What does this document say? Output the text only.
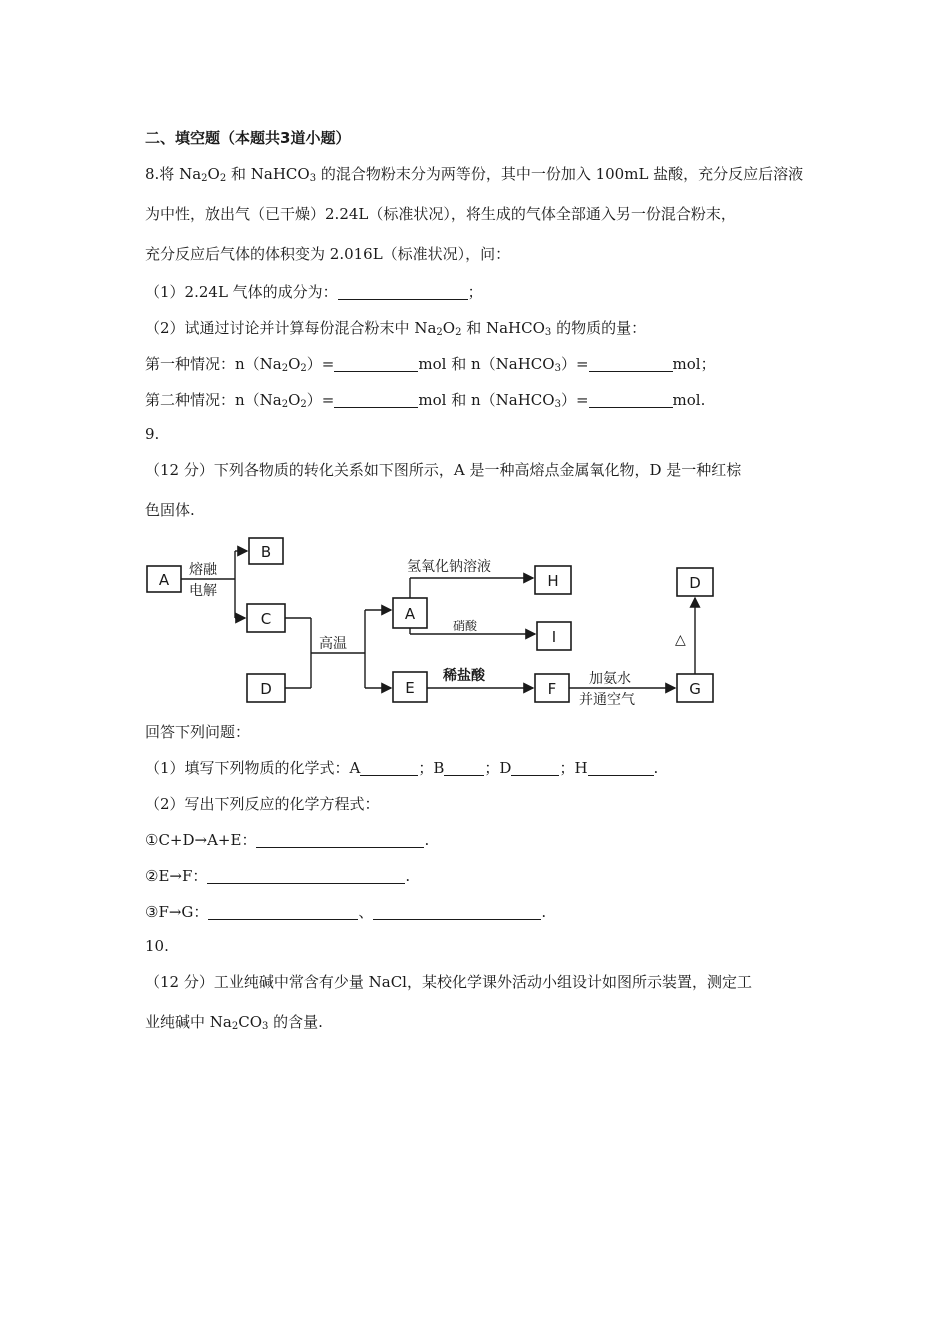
二、填空题（本题共3道小题）
8.将 $Na_2O_2$ 和 NaHCO$_3$ 的混合物粉末分为两等份，其中一份加入 100mL 盐酸，充分反应后溶液
为中性，放出气（已干燥）2.24L（标准状况），将生成的气体全部通入另一份混合粉末，
充分反应后气体的体积变为 2.016L（标准状况），问：
（1）2.24L 气体的成分为：	；
（2）试通过讨论并计算每份混合粉末中 $Na_2O_2$ 和 NaHCO$_3$ 的物质的量：
第一种情况：$n(Na_2O_2)=$	mol 和 n（NaHCO$_3$）=	mol；
第二种情况：$n(Na_2O_2)=$	mol 和 n（NaHCO$_3$）=	mol.
9.
（12 分）下列各物质的转化关系如下图所示，A 是一种高熔点金属氧化物，D 是一种红棕
色固体.
A
B
C
D
A
H
I
E	F	G
D
熔融
电解
高温
氢氧化钠溶液
硝酸
稀盐酸	加氨水
并通空气
△
回答下列问题：
（1）填写下列物质的化学式：A	；B	；D	；H	.
（2）写出下列反应的化学方程式：
①C+D→A+E：	.
②E→F：	.
③F→G：	、	.
10.
（12 分）工业纯碱中常含有少量 NaCl，某校化学课外活动小组设计如图所示装置，测定工
业纯碱中 $Na_2CO_3$ 的含量.
